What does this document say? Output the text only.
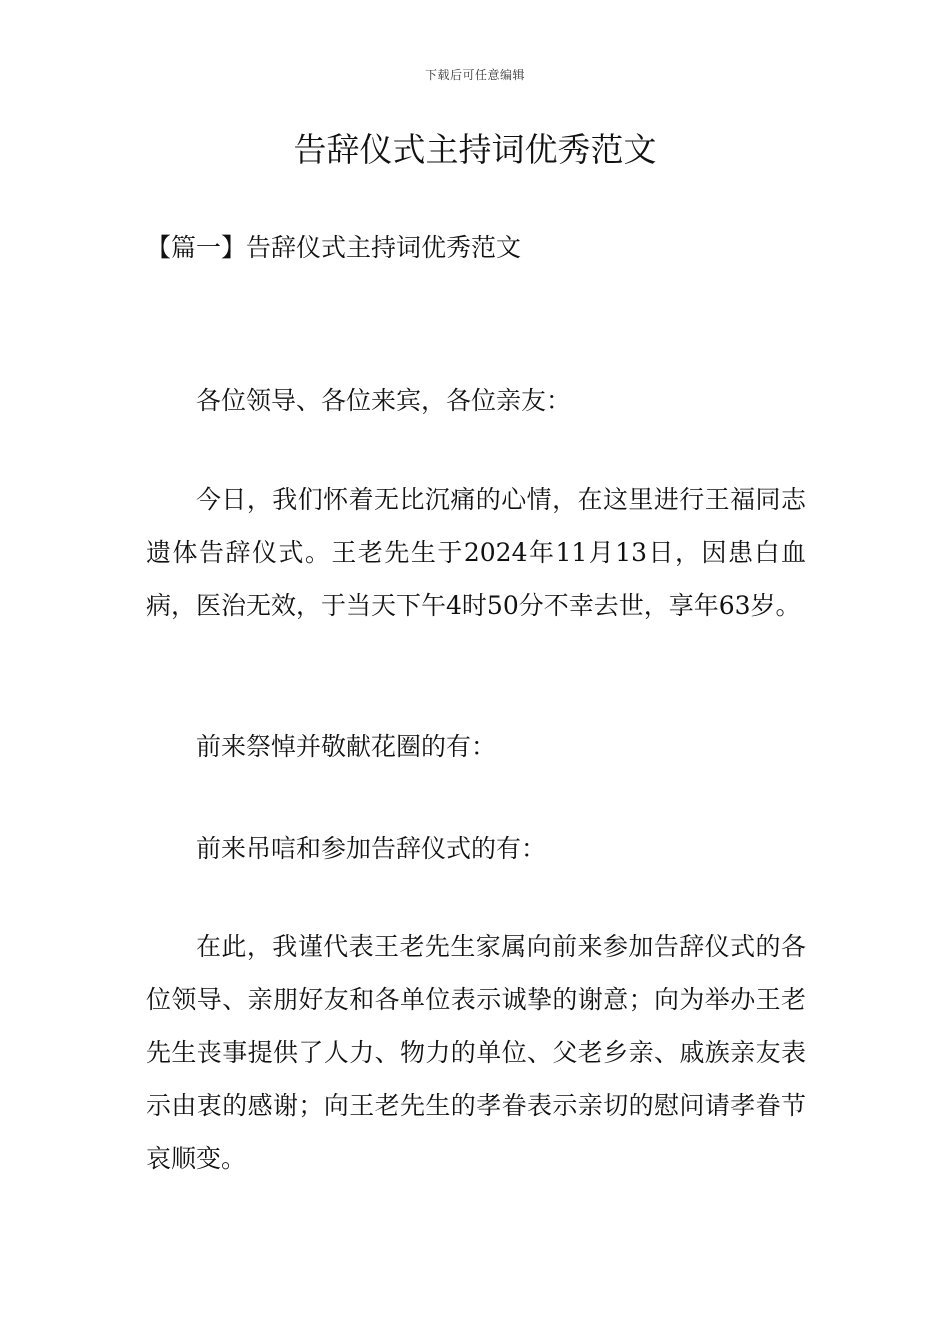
下载后可任意编辑
告辞仪式主持词优秀范文
【篇一】告辞仪式主持词优秀范文

各位领导、各位来宾，各位亲友：

今日，我们怀着无比沉痛的心情，在这里进行王福同志遗体告辞仪式。王老先生于2024年11月13日，因患白血病，医治无效，于当天下午4时50分不幸去世，享年63岁。

前来祭悼并敬献花圈的有：

前来吊唁和参加告辞仪式的有：

在此，我谨代表王老先生家属向前来参加告辞仪式的各位领导、亲朋好友和各单位表示诚挚的谢意；向为举办王老先生丧事提供了人力、物力的单位、父老乡亲、戚族亲友表示由衷的感谢；向王老先生的孝眷表示亲切的慰问请孝眷节哀顺变。
